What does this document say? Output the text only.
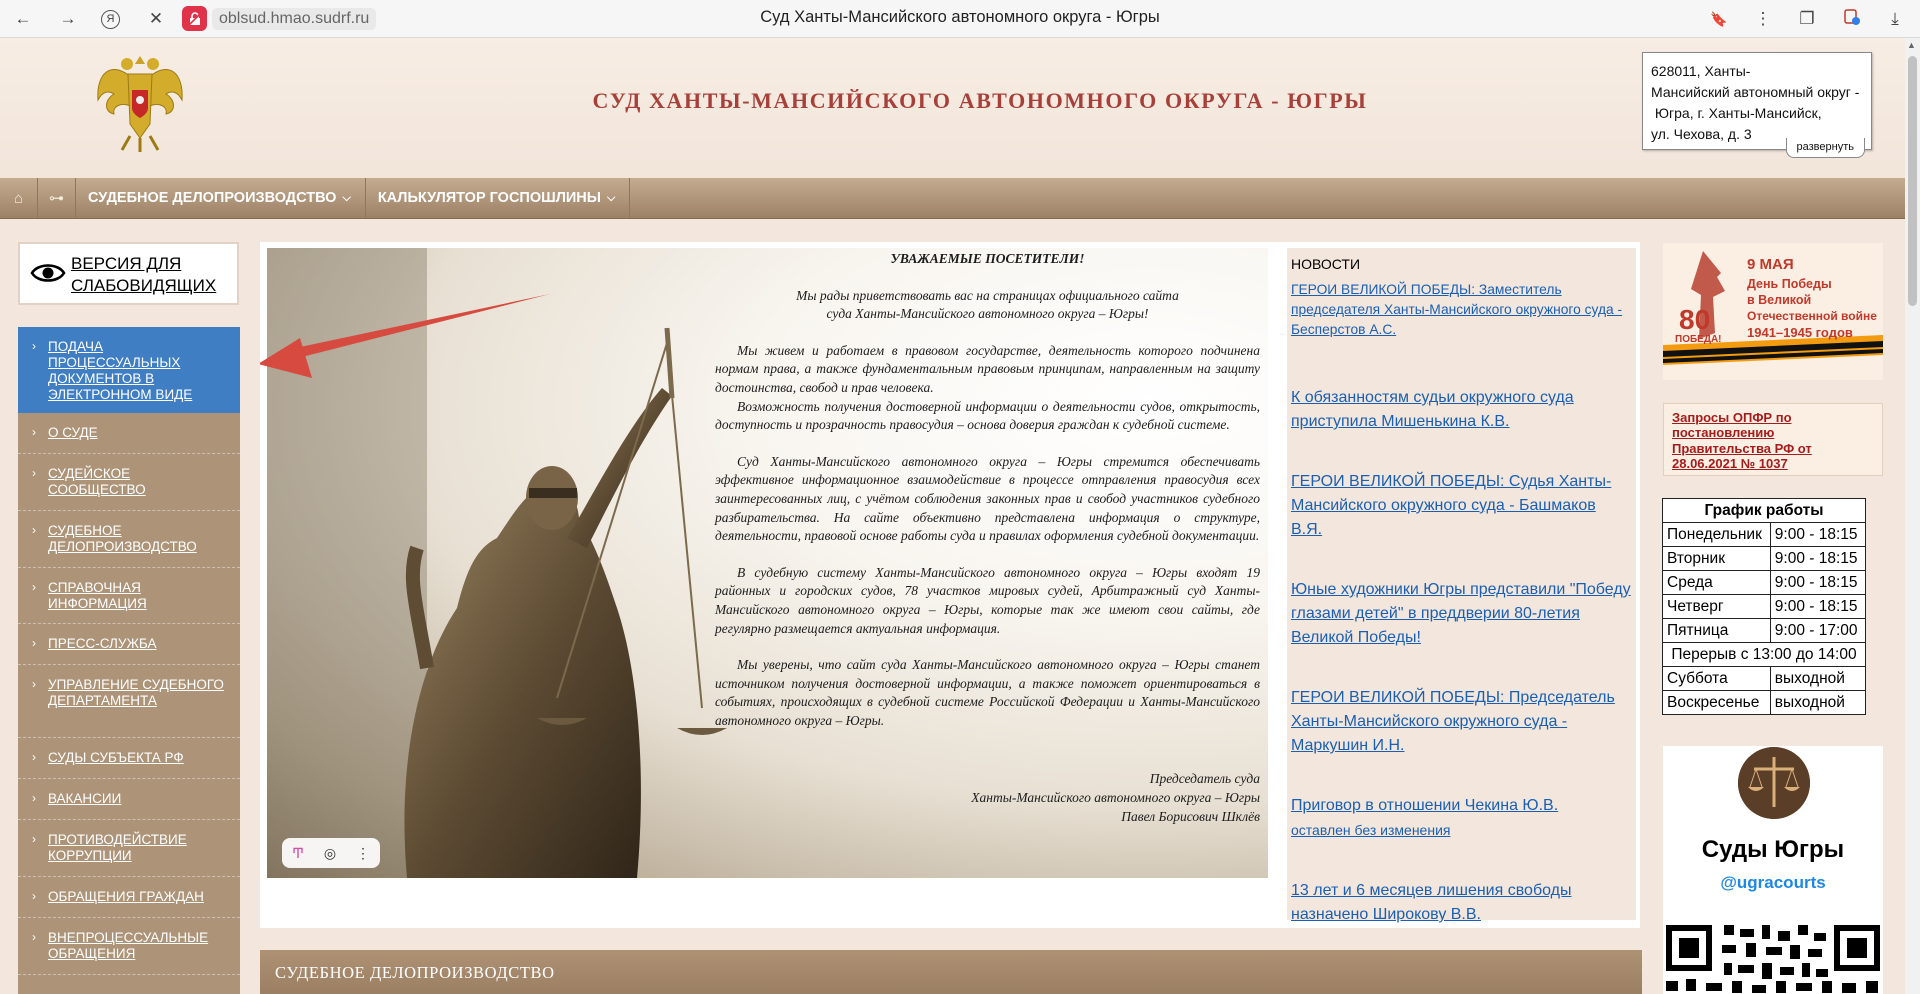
← →	Я	✕	oblsud.hmao.sudrf.ru	Суд Ханты-Мансийского автономного округа - Югры	🔖 ⋮ ❐	⤓
СУД ХАНТЫ-МАНСИЙСКОГО АВТОНОМНОГО ОКРУГА - ЮГРЫ
628011, Ханты-
Мансийский автономный округ -
Югра, г. Ханты-Мансийск,
ул. Чехова, д. 3
развернуть
⌂	⊶	СУДЕБНОЕ ДЕЛОПРОИЗВОДСТВО ⌵ КАЛЬКУЛЯТОР ГОСПОШЛИНЫ ⌵
ВЕРСИЯ ДЛЯ
СЛАБОВИДЯЩИХ
› ПОДАЧА ПРОЦЕССУАЛЬНЫХ ДОКУМЕНТОВ В ЭЛЕКТРОННОМ ВИДЕ
› О СУДЕ
› СУДЕЙСКОЕ СООБЩЕСТВО
› СУДЕБНОЕ ДЕЛОПРОИЗВОДСТВО
› СПРАВОЧНАЯ ИНФОРМАЦИЯ
› ПРЕСС-СЛУЖБА
› УПРАВЛЕНИЕ СУДЕБНОГО ДЕПАРТАМЕНТА
› СУДЫ СУБЪЕКТА РФ
› ВАКАНСИИ
› ПРОТИВОДЕЙСТВИЕ КОРРУПЦИИ
› ОБРАЩЕНИЯ ГРАЖДАН
› ВНЕПРОЦЕССУАЛЬНЫЕ ОБРАЩЕНИЯ
УВАЖАЕМЫЕ ПОСЕТИТЕЛИ!
Мы рады приветствовать вас на страницах официального сайта
суда Ханты-Мансийского автономного округа – Югры!
Мы живем и работаем в правовом государстве, деятельность которого подчинена нормам права, а также фундаментальным правовым принципам, направленным на защиту достоинства, свобод и прав человека.
Возможность получения достоверной информации о деятельности судов, открытость, доступность и прозрачность правосудия – основа доверия граждан к судебной системе.
Суд Ханты-Мансийского автономного округа – Югры стремится обеспечивать эффективное информационное взаимодействие в процессе отправления правосудия всех заинтересованных лиц, с учётом соблюдения законных прав и свобод участников судебного разбирательства. На сайте объективно представлена информация о структуре, деятельности, правовой основе работы суда и правилах оформления судебной документации.
В судебную систему Ханты-Мансийского автономного округа – Югры входят 19 районных и городских судов, 78 участков мировых судей, Арбитражный суд Ханты-Мансийского автономного округа – Югры, которые так же имеют свои сайты, где регулярно размещается актуальная информация.
Мы уверены, что сайт суда Ханты-Мансийского автономного округа – Югры станет источником получения достоверной информации, а также поможет ориентироваться в событиях, происходящих в судебной системе Российской Федерации и Ханты-Мансийского автономного округа – Югры.
Председатель суда
Ханты-Мансийского автономного округа – Югры
Павел Борисович Шклёв
Ͳ ◎ ⋮
НОВОСТИ
ГЕРОИ ВЕЛИКОЙ ПОБЕДЫ: Заместитель председателя Ханты-Мансийского окружного суда - Бесперстов А.С.
К обязанностям судьи окружного суда приступила Мишенькина К.В.
ГЕРОИ ВЕЛИКОЙ ПОБЕДЫ: Судья Ханты-Мансийского окружного суда - Башмаков В.Я.
Юные художники Югры представили "Победу глазами детей" в преддверии 80-летия Великой Победы!
ГЕРОИ ВЕЛИКОЙ ПОБЕДЫ: Председатель Ханты-Мансийского окружного суда - Маркушин И.Н.
Приговор в отношении Чекина Ю.В.
оставлен без изменения
13 лет и 6 месяцев лишения свободы назначено Широкову В.В.
80
ПОБЕДА!
9 МАЯ
День Победы
в Великой
Отечественной войне
1941–1945 годов
Запросы ОПФР по постановлению Правительства РФ от 28.06.2021 № 1037
График работы	
Понедельник	9:00 - 18:15
Вторник	9:00 - 18:15
Среда	9:00 - 18:15
Четверг	9:00 - 18:15
Пятница	9:00 - 17:00
Перерыв с 13:00 до 14:00	
Суббота	выходной
Воскресенье	выходной
Суды Югры
@ugracourts
СУДЕБНОЕ ДЕЛОПРОИЗВОДСТВО
▲
